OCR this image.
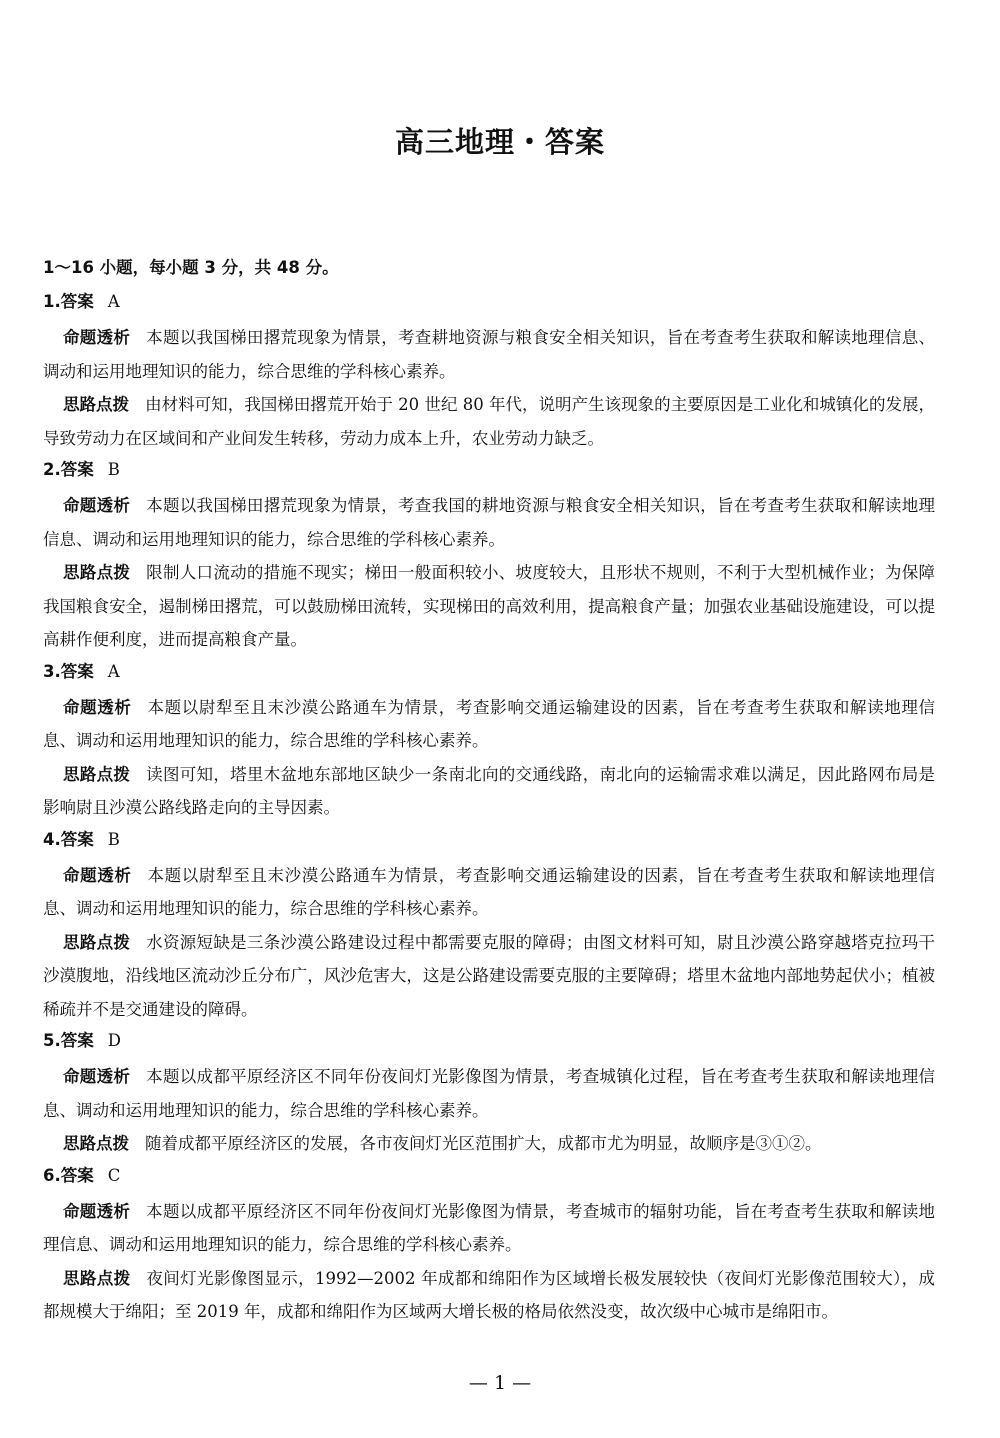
高三地理・答案
1～16 小题，每小题 3 分，共 48 分。
1.答案 A

命题透析 本题以我国梯田撂荒现象为情景，考查耕地资源与粮食安全相关知识，旨在考查考生获取和解读地理信息、调动和运用地理知识的能力，综合思维的学科核心素养。

思路点拨 由材料可知，我国梯田撂荒开始于 20 世纪 80 年代，说明产生该现象的主要原因是工业化和城镇化的发展，导致劳动力在区域间和产业间发生转移，劳动力成本上升，农业劳动力缺乏。

2.答案 B

命题透析 本题以我国梯田撂荒现象为情景，考查我国的耕地资源与粮食安全相关知识，旨在考查考生获取和解读地理信息、调动和运用地理知识的能力，综合思维的学科核心素养。

思路点拨 限制人口流动的措施不现实；梯田一般面积较小、坡度较大，且形状不规则，不利于大型机械作业；为保障我国粮食安全，遏制梯田撂荒，可以鼓励梯田流转，实现梯田的高效利用，提高粮食产量；加强农业基础设施建设，可以提高耕作便利度，进而提高粮食产量。

3.答案 A

命题透析 本题以尉犁至且末沙漠公路通车为情景，考查影响交通运输建设的因素，旨在考查考生获取和解读地理信息、调动和运用地理知识的能力，综合思维的学科核心素养。

思路点拨 读图可知，塔里木盆地东部地区缺少一条南北向的交通线路，南北向的运输需求难以满足，因此路网布局是影响尉且沙漠公路线路走向的主导因素。

4.答案 B

命题透析 本题以尉犁至且末沙漠公路通车为情景，考查影响交通运输建设的因素，旨在考查考生获取和解读地理信息、调动和运用地理知识的能力，综合思维的学科核心素养。

思路点拨 水资源短缺是三条沙漠公路建设过程中都需要克服的障碍；由图文材料可知，尉且沙漠公路穿越塔克拉玛干沙漠腹地，沿线地区流动沙丘分布广，风沙危害大，这是公路建设需要克服的主要障碍；塔里木盆地内部地势起伏小；植被稀疏并不是交通建设的障碍。

5.答案 D

命题透析 本题以成都平原经济区不同年份夜间灯光影像图为情景，考查城镇化过程，旨在考查考生获取和解读地理信息、调动和运用地理知识的能力，综合思维的学科核心素养。

思路点拨 随着成都平原经济区的发展，各市夜间灯光区范围扩大，成都市尤为明显，故顺序是③①②。

6.答案 C

命题透析 本题以成都平原经济区不同年份夜间灯光影像图为情景，考查城市的辐射功能，旨在考查考生获取和解读地理信息、调动和运用地理知识的能力，综合思维的学科核心素养。

思路点拨 夜间灯光影像图显示，1992—2002 年成都和绵阳作为区域增长极发展较快（夜间灯光影像范围较大），成都规模大于绵阳；至 2019 年，成都和绵阳作为区域两大增长极的格局依然没变，故次级中心城市是绵阳市。

— 1 —
